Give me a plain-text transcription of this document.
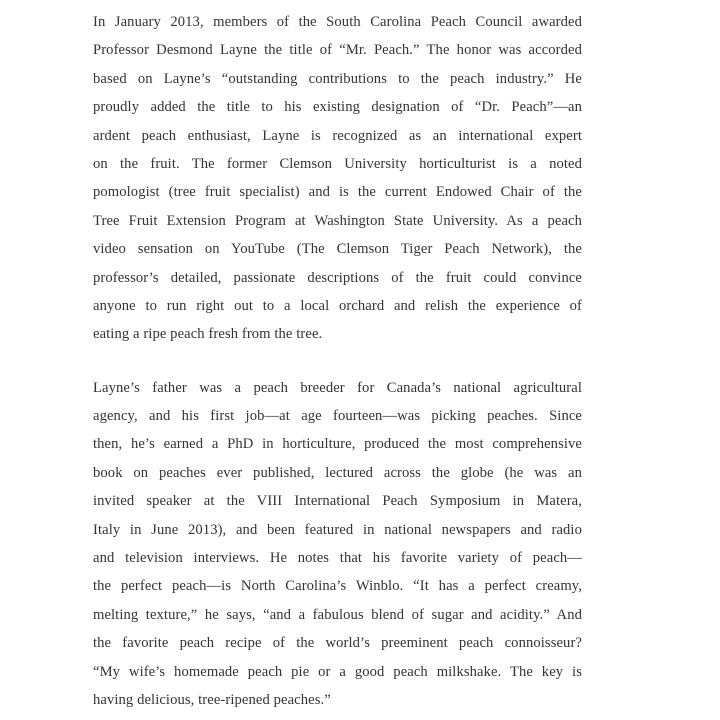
In January 2013, members of the South Carolina Peach Council awarded
Professor Desmond Layne the title of “Mr. Peach.” The honor was accorded
based on Layne’s “outstanding contributions to the peach industry.” He
proudly added the title to his existing designation of “Dr. Peach”—an
ardent peach enthusiast, Layne is recognized as an international expert
on the fruit. The former Clemson University horticulturist is a noted
pomologist (tree fruit specialist) and is the current Endowed Chair of the
Tree Fruit Extension Program at Washington State University. As a peach
video sensation on YouTube (The Clemson Tiger Peach Network), the
professor’s detailed, passionate descriptions of the fruit could convince
anyone to run right out to a local orchard and relish the experience of
eating a ripe peach fresh from the tree.
Layne’s father was a peach breeder for Canada’s national agricultural
agency, and his first job—at age fourteen—was picking peaches. Since
then, he’s earned a PhD in horticulture, produced the most comprehensive
book on peaches ever published, lectured across the globe (he was an
invited speaker at the VIII International Peach Symposium in Matera,
Italy in June 2013), and been featured in national newspapers and radio
and television interviews. He notes that his favorite variety of peach—
the perfect peach—is North Carolina’s Winblo. “It has a perfect creamy,
melting texture,” he says, “and a fabulous blend of sugar and acidity.” And
the favorite peach recipe of the world’s preeminent peach connoisseur?
“My wife’s homemade peach pie or a good peach milkshake. The key is
having delicious, tree-ripened peaches.”
